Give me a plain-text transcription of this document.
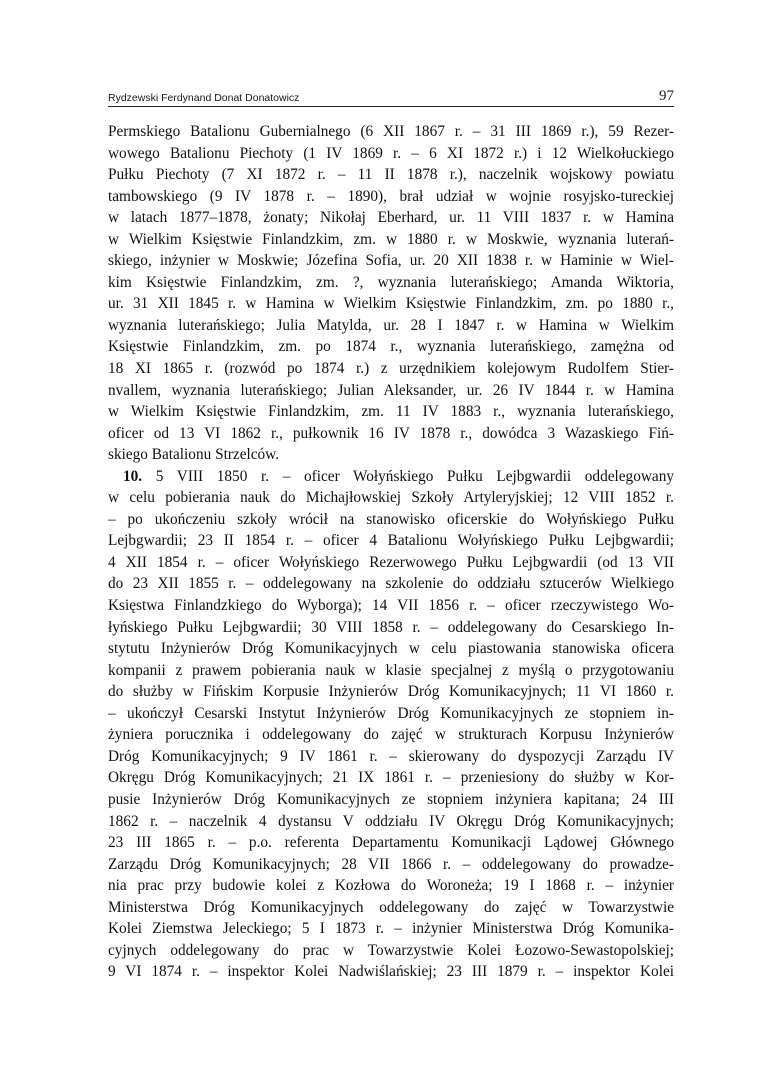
Rydzewski Ferdynand Donat Donatowicz	97
Permskiego Batalionu Gubernialnego (6 XII 1867 r. – 31 III 1869 r.), 59 Rezer-
wowego Batalionu Piechoty (1 IV 1869 r. – 6 XI 1872 r.) i 12 Wielkołuckiego
Pułku Piechoty (7 XI 1872 r. – 11 II 1878 r.), naczelnik wojskowy powiatu
tambowskiego (9 IV 1878 r. – 1890), brał udział w wojnie rosyjsko-tureckiej
w latach 1877–1878, żonaty; Nikołaj Eberhard, ur. 11 VIII 1837 r. w Hamina
w Wielkim Księstwie Finlandzkim, zm. w 1880 r. w Moskwie, wyznania luterań-
skiego, inżynier w Moskwie; Józefina Sofia, ur. 20 XII 1838 r. w Haminie w Wiel-
kim Księstwie Finlandzkim, zm. ?, wyznania luterańskiego; Amanda Wiktoria,
ur. 31 XII 1845 r. w Hamina w Wielkim Księstwie Finlandzkim, zm. po 1880 r.,
wyznania luterańskiego; Julia Matylda, ur. 28 I 1847 r. w Hamina w Wielkim
Księstwie Finlandzkim, zm. po 1874 r., wyznania luterańskiego, zamężna od
18 XI 1865 r. (rozwód po 1874 r.) z urzędnikiem kolejowym Rudolfem Stier-
nvallem, wyznania luterańskiego; Julian Aleksander, ur. 26 IV 1844 r. w Hamina
w Wielkim Księstwie Finlandzkim, zm. 11 IV 1883 r., wyznania luterańskiego,
oficer od 13 VI 1862 r., pułkownik 16 IV 1878 r., dowódca 3 Wazaskiego Fiń-
skiego Batalionu Strzelców.
10. 5 VIII 1850 r. – oficer Wołyńskiego Pułku Lejbgwardii oddelegowany
w celu pobierania nauk do Michajłowskiej Szkoły Artyleryjskiej; 12 VIII 1852 r.
– po ukończeniu szkoły wrócił na stanowisko oficerskie do Wołyńskiego Pułku
Lejbgwardii; 23 II 1854 r. – oficer 4 Batalionu Wołyńskiego Pułku Lejbgwardii;
4 XII 1854 r. – oficer Wołyńskiego Rezerwowego Pułku Lejbgwardii (od 13 VII
do 23 XII 1855 r. – oddelegowany na szkolenie do oddziału sztucerów Wielkiego
Księstwa Finlandzkiego do Wyborga); 14 VII 1856 r. – oficer rzeczywistego Wo-
łyńskiego Pułku Lejbgwardii; 30 VIII 1858 r. – oddelegowany do Cesarskiego In-
stytutu Inżynierów Dróg Komunikacyjnych w celu piastowania stanowiska oficera
kompanii z prawem pobierania nauk w klasie specjalnej z myślą o przygotowaniu
do służby w Fińskim Korpusie Inżynierów Dróg Komunikacyjnych; 11 VI 1860 r.
– ukończył Cesarski Instytut Inżynierów Dróg Komunikacyjnych ze stopniem in-
żyniera porucznika i oddelegowany do zajęć w strukturach Korpusu Inżynierów
Dróg Komunikacyjnych; 9 IV 1861 r. – skierowany do dyspozycji Zarządu IV
Okręgu Dróg Komunikacyjnych; 21 IX 1861 r. – przeniesiony do służby w Kor-
pusie Inżynierów Dróg Komunikacyjnych ze stopniem inżyniera kapitana; 24 III
1862 r. – naczelnik 4 dystansu V oddziału IV Okręgu Dróg Komunikacyjnych;
23 III 1865 r. – p.o. referenta Departamentu Komunikacji Lądowej Głównego
Zarządu Dróg Komunikacyjnych; 28 VII 1866 r. – oddelegowany do prowadze-
nia prac przy budowie kolei z Kozłowa do Woroneża; 19 I 1868 r. – inżynier
Ministerstwa Dróg Komunikacyjnych oddelegowany do zajęć w Towarzystwie
Kolei Ziemstwa Jeleckiego; 5 I 1873 r. – inżynier Ministerstwa Dróg Komunika-
cyjnych oddelegowany do prac w Towarzystwie Kolei Łozowo-Sewastopolskiej;
9 VI 1874 r. – inspektor Kolei Nadwiślańskiej; 23 III 1879 r. – inspektor Kolei
